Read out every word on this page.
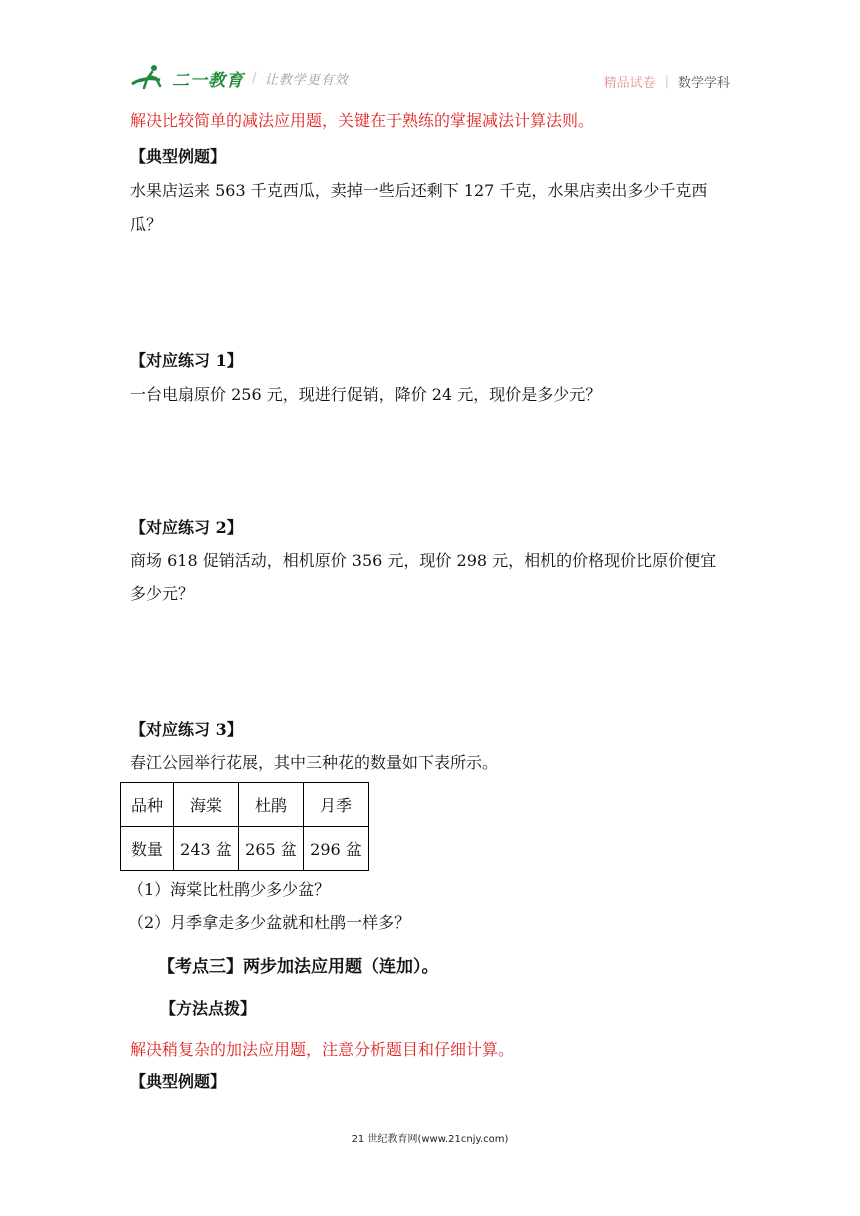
二一教育 / 让教学更有效	精品试卷 | 数学学科
解决比较简单的减法应用题，关键在于熟练的掌握减法计算法则。
【典型例题】
水果店运来 563 千克西瓜，卖掉一些后还剩下 127 千克，水果店卖出多少千克西
瓜？
【对应练习 1】
一台电扇原价 256 元，现进行促销，降价 24 元，现价是多少元？
【对应练习 2】
商场 618 促销活动，相机原价 356 元，现价 298 元，相机的价格现价比原价便宜
多少元？
【对应练习 3】
春江公园举行花展，其中三种花的数量如下表所示。
品种	海棠	杜鹃	月季
数量	243 盆	265 盆	296 盆
（1）海棠比杜鹃少多少盆？
（2）月季拿走多少盆就和杜鹃一样多？
【考点三】两步加法应用题（连加）。
【方法点拨】
解决稍复杂的加法应用题，注意分析题目和仔细计算。
【典型例题】
21 世纪教育网(www.21cnjy.com)
